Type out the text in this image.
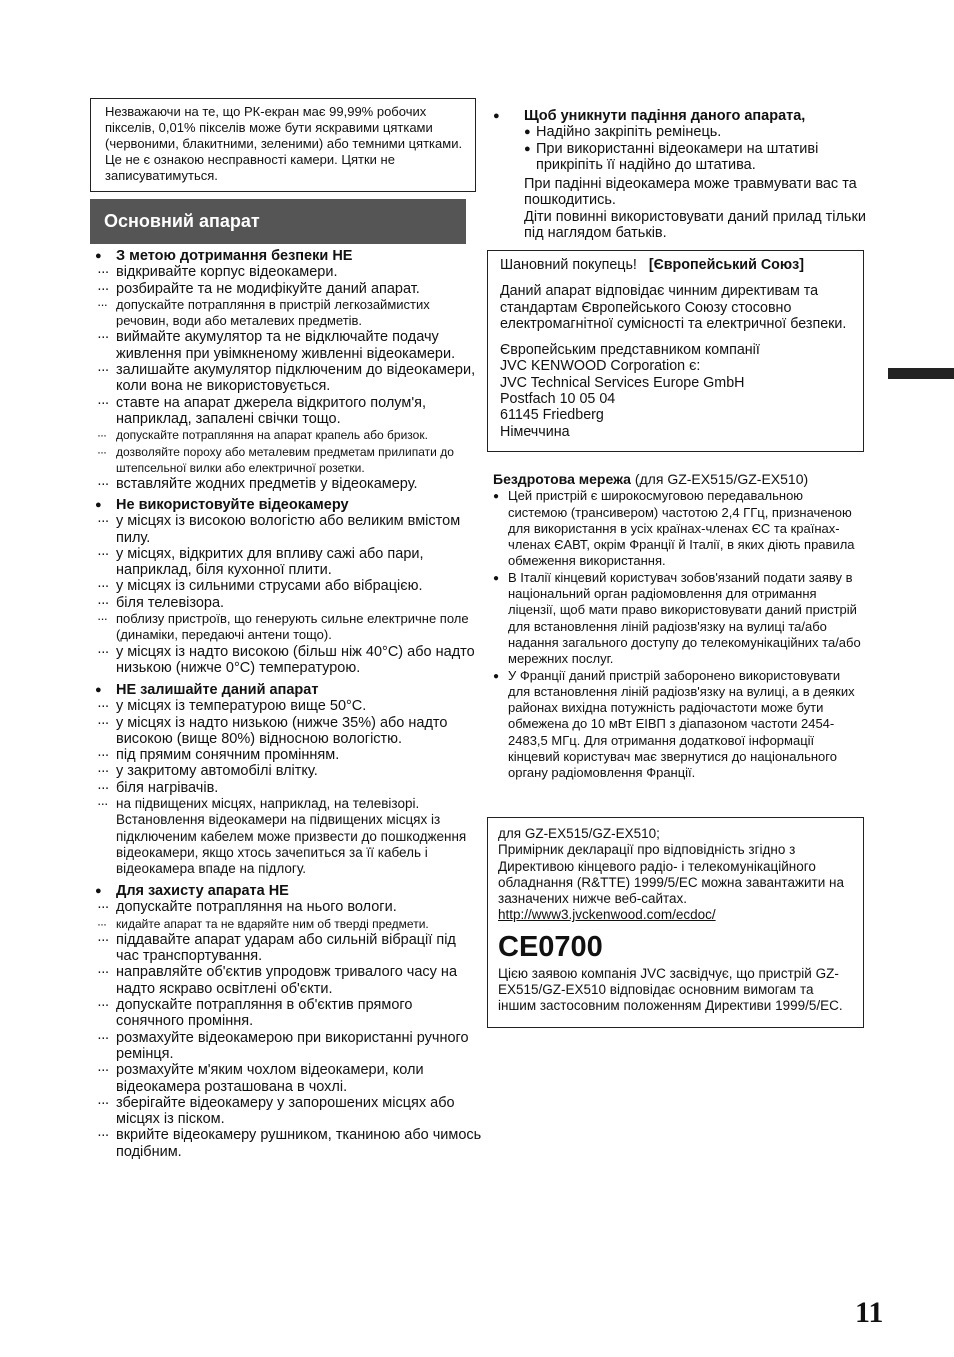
Незважаючи на те, що РК-екран має 99,99% робочих пікселів, 0,01% пікселів може бути яскравими цятками (червоними, блакитними, зеленими) або темними цятками. Це не є ознакою несправності камери. Цятки не записуватимуться.
Основний апарат

● З метою дотримання безпеки НЕ

··· відкривайте корпус відеокамери.

··· розбирайте та не модифікуйте даний апарат.

··· допускайте потрапляння в пристрій легкозаймистих речовин, води або металевих предметів.

··· виймайте акумулятор та не відключайте подачу живлення при увімкненому живленні відеокамери.

··· залишайте акумулятор підключеним до відеокамери, коли вона не використовується.

··· ставте на апарат джерела відкритого полум'я, наприклад, запалені свічки тощо.

··· допускайте потрапляння на апарат крапель або бризок.

··· дозволяйте пороху або металевим предметам прилипати до штепсельної вилки або електричної розетки.

··· вставляйте жодних предметів у відеокамеру.

● Не використовуйте відеокамеру

··· у місцях із високою вологістю або великим вмістом пилу.

··· у місцях, відкритих для впливу сажі або пари, наприклад, біля кухонної плити.

··· у місцях із сильними струсами або вібрацією.

··· біля телевізора.

··· поблизу пристроїв, що генерують сильне електричне поле (динаміки, передаючі антени тощо).

··· у місцях із надто високою (більш ніж 40°C) або надто низькою (нижче 0°C) температурою.

● НЕ залишайте даний апарат

··· у місцях із температурою вище 50°C.

··· у місцях із надто низькою (нижче 35%) або надто високою (вище 80%) відносною вологістю.

··· під прямим сонячним промінням.

··· у закритому автомобілі влітку.

··· біля нагрівачів.

··· на підвищених місцях, наприклад, на телевізорі. Встановлення відеокамери на підвищених місцях із підключеним кабелем може призвести до пошкодження відеокамери, якщо хтось зачепиться за її кабель і відеокамера впаде на підлогу.

● Для захисту апарата НЕ

··· допускайте потрапляння на нього вологи.

··· кидайте апарат та не вдаряйте ним об тверді предмети.

··· піддавайте апарат ударам або сильній вібрації під час транспортування.

··· направляйте об'єктив упродовж тривалого часу на надто яскраво освітлені об'єкти.

··· допускайте потрапляння в об'єктив прямого сонячного проміння.

··· розмахуйте відеокамерою при використанні ручного ремінця.

··· розмахуйте м'яким чохлом відеокамери, коли відеокамера розташована в чохлі.

··· зберігайте відеокамеру у запорошених місцях або місцях із піском.

··· вкрийте відеокамеру рушником, тканиною або чимось подібним.

● Щоб уникнути падіння даного апарата,

● Надійно закріпіть ремінець.

● При використанні відеокамери на штативі прикріпіть її надійно до штатива.

При падінні відеокамера може травмувати вас та пошкодитись.

Діти повинні використовувати даний прилад тільки під наглядом батьків.

Шановний покупець! [Європейський Союз]

Даний апарат відповідає чинним директивам та стандартам Європейського Союзу стосовно електромагнітної сумісності та електричної безпеки.

Європейським представником компанії

JVC KENWOOD Corporation є:

JVC Technical Services Europe GmbH

Postfach 10 05 04

61145 Friedberg

Німеччина

Бездротова мережа (для GZ-EX515/GZ-EX510)

● Цей пристрій є широкосмуговою передавальною системою (трансивером) частотою 2,4 ГГц, призначеною для використання в усіх країнах-членах ЄС та країнах-членах ЄАВТ, окрім Франції й Італії, в яких діють правила обмеження використання.

● В Італії кінцевий користувач зобов'язаний подати заяву в національний орган радіомовлення для отримання ліцензії, щоб мати право використовувати даний пристрій для встановлення ліній радіозв'язку на вулиці та/або надання загального доступу до телекомунікаційних та/або мережних послуг.

● У Франції даний пристрій заборонено використовувати для встановлення ліній радіозв'язку на вулиці, а в деяких районах вихідна потужність радіочастоти може бути обмежена до 10 мВт ЕІВП з діапазоном частоти 2454-2483,5 МГц. Для отримання додаткової інформації кінцевий користувач має звернутися до національного органу радіомовлення Франції.

для GZ-EX515/GZ-EX510;

Примірник декларації про відповідність згідно з Директивою кінцевого радіо- і телекомунікаційного обладнання (R&TTE) 1999/5/EC можна завантажити на зазначених нижче веб-сайтах.

http://www3.jvckenwood.com/ecdoc/

CE0700

Цією заявою компанія JVC засвідчує, що пристрій GZ-EX515/GZ-EX510 відповідає основним вимогам та іншим застосовним положенням Директиви 1999/5/EC.

11
